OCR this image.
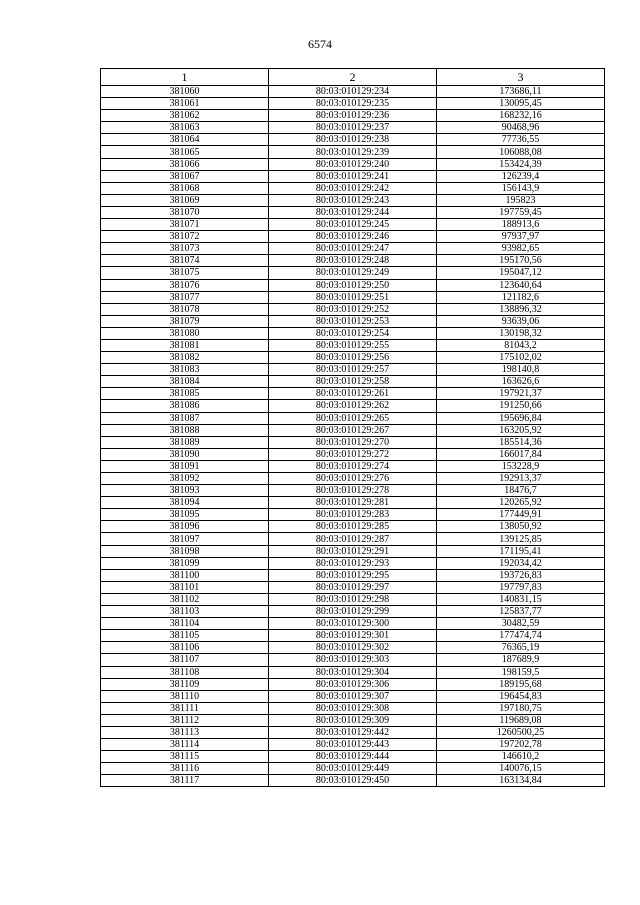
6574
1	2	3
381060	80:03:010129:234	173686,11
381061	80:03:010129:235	130095,45
381062	80:03:010129:236	168232,16
381063	80:03:010129:237	90468,96
381064	80:03:010129:238	77736,55
381065	80:03:010129:239	106088,08
381066	80:03:010129:240	153424,39
381067	80:03:010129:241	126239,4
381068	80:03:010129:242	156143,9
381069	80:03:010129:243	195823
381070	80:03:010129:244	197759,45
381071	80:03:010129:245	188913,6
381072	80:03:010129:246	97937,97
381073	80:03:010129:247	93982,65
381074	80:03:010129:248	195170,56
381075	80:03:010129:249	195047,12
381076	80:03:010129:250	123640,64
381077	80:03:010129:251	121182,6
381078	80:03:010129:252	138896,32
381079	80:03:010129:253	93639,06
381080	80:03:010129:254	130198,32
381081	80:03:010129:255	81043,2
381082	80:03:010129:256	175102,02
381083	80:03:010129:257	198140,8
381084	80:03:010129:258	163626,6
381085	80:03:010129:261	197921,37
381086	80:03:010129:262	191250,66
381087	80:03:010129:265	195696,84
381088	80:03:010129:267	163205,92
381089	80:03:010129:270	185514,36
381090	80:03:010129:272	166017,84
381091	80:03:010129:274	153228,9
381092	80:03:010129:276	192913,37
381093	80:03:010129:278	18476,7
381094	80:03:010129:281	120265,92
381095	80:03:010129:283	177449,91
381096	80:03:010129:285	138050,92
381097	80:03:010129:287	139125,85
381098	80:03:010129:291	171195,41
381099	80:03:010129:293	192034,42
381100	80:03:010129:295	193726,83
381101	80:03:010129:297	197797,83
381102	80:03:010129:298	140831,15
381103	80:03:010129:299	125837,77
381104	80:03:010129:300	30482,59
381105	80:03:010129:301	177474,74
381106	80:03:010129:302	76365,19
381107	80:03:010129:303	187689,9
381108	80:03:010129:304	198159,5
381109	80:03:010129:306	189195,68
381110	80:03:010129:307	196454,83
381111	80:03:010129:308	197180,75
381112	80:03:010129:309	119689,08
381113	80:03:010129:442	1260500,25
381114	80:03:010129:443	197202,78
381115	80:03:010129:444	146610,2
381116	80:03:010129:449	140076,15
381117	80:03:010129:450	163134,84
